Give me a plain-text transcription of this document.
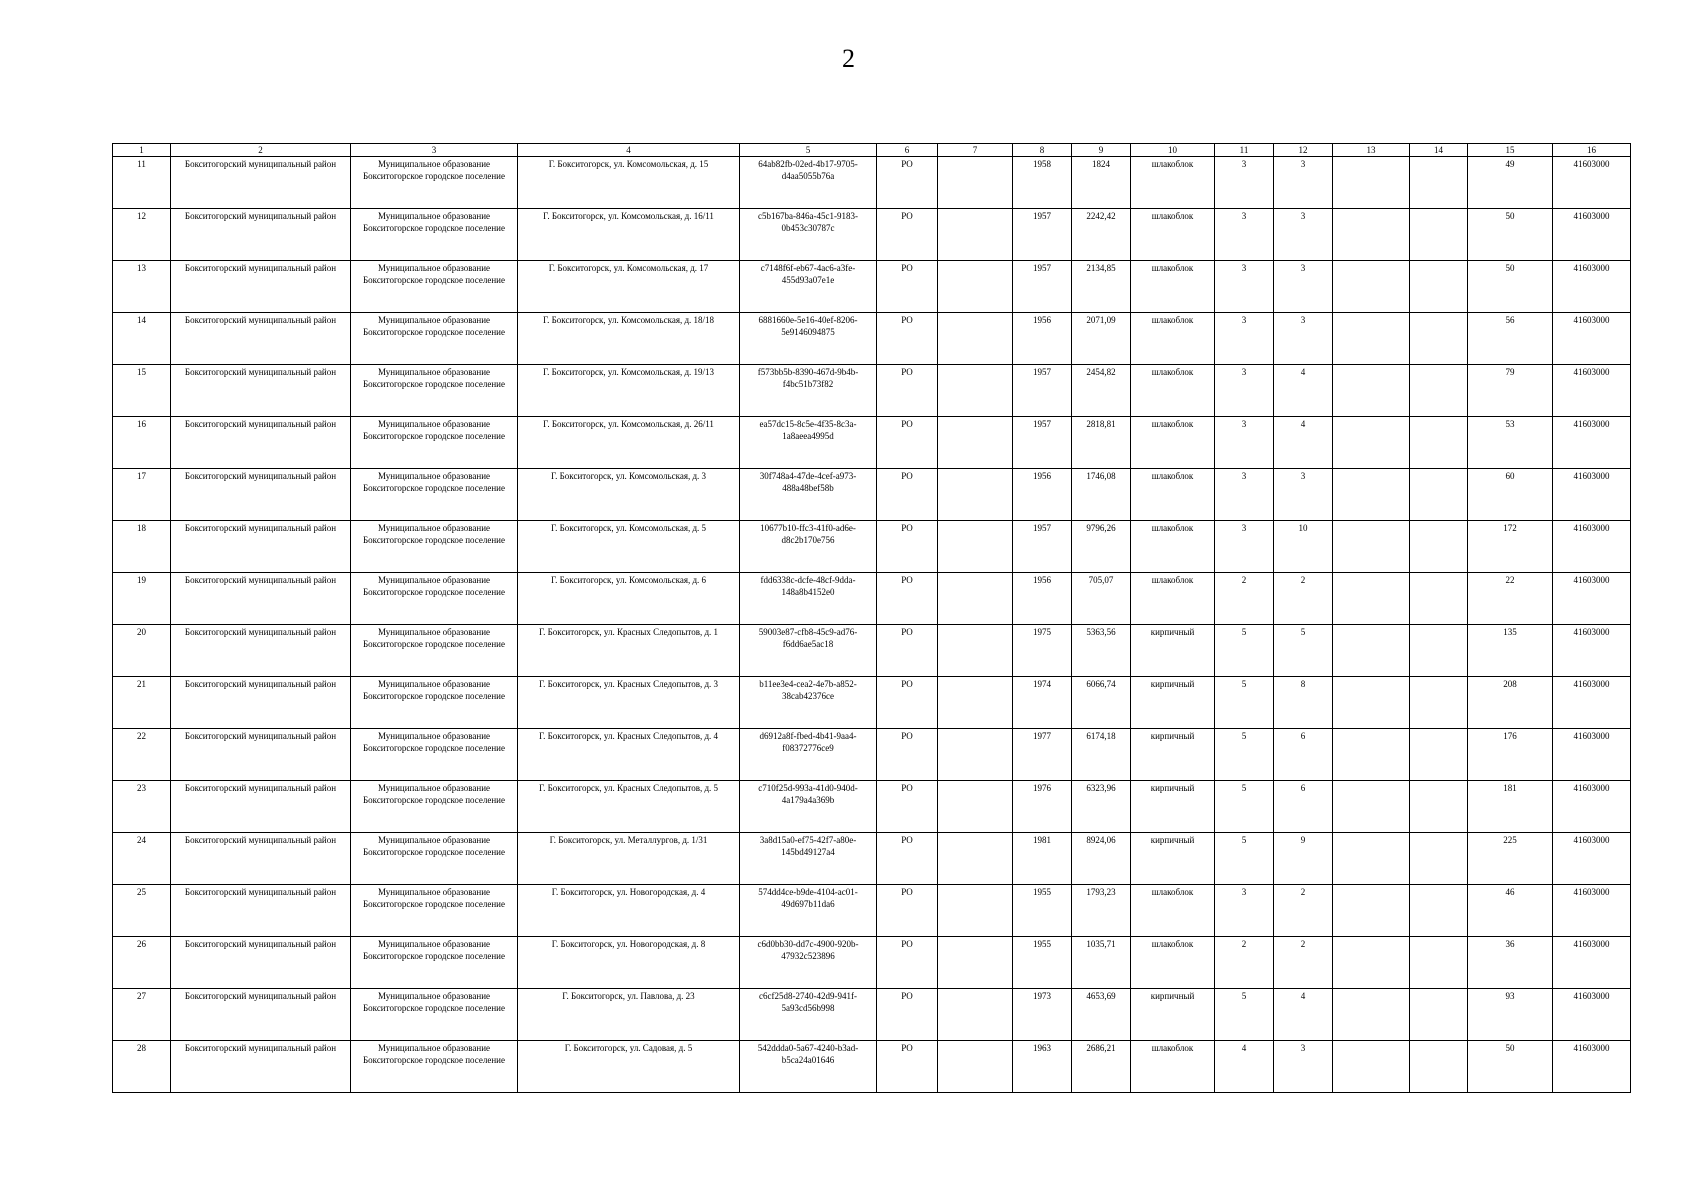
2
1	2	3	4	5	6	7	8	9	10	11	12	13	14	15	16
11	Бокситогорский муниципальный район	Муниципальное образование Бокситогорское городское поселение	Г. Бокситогорск, ул. Комсомольская, д. 15	64ab82fb-02ed-4b17-9705-d4aa5055b76a	РО		1958	1824	шлакоблок	3	3			49	41603000
12	Бокситогорский муниципальный район	Муниципальное образование Бокситогорское городское поселение	Г. Бокситогорск, ул. Комсомольская, д. 16/11	c5b167ba-846a-45c1-9183-0b453c30787c	РО		1957	2242,42	шлакоблок	3	3			50	41603000
13	Бокситогорский муниципальный район	Муниципальное образование Бокситогорское городское поселение	Г. Бокситогорск, ул. Комсомольская, д. 17	c7148f6f-eb67-4ac6-a3fe-455d93a07e1e	РО		1957	2134,85	шлакоблок	3	3			50	41603000
14	Бокситогорский муниципальный район	Муниципальное образование Бокситогорское городское поселение	Г. Бокситогорск, ул. Комсомольская, д. 18/18	6881660e-5e16-40ef-8206-5e9146094875	РО		1956	2071,09	шлакоблок	3	3			56	41603000
15	Бокситогорский муниципальный район	Муниципальное образование Бокситогорское городское поселение	Г. Бокситогорск, ул. Комсомольская, д. 19/13	f573bb5b-8390-467d-9b4b-f4bc51b73f82	РО		1957	2454,82	шлакоблок	3	4			79	41603000
16	Бокситогорский муниципальный район	Муниципальное образование Бокситогорское городское поселение	Г. Бокситогорск, ул. Комсомольская, д. 26/11	ea57dc15-8c5e-4f35-8c3a-1a8aeea4995d	РО		1957	2818,81	шлакоблок	3	4			53	41603000
17	Бокситогорский муниципальный район	Муниципальное образование Бокситогорское городское поселение	Г. Бокситогорск, ул. Комсомольская, д. 3	30f748a4-47de-4cef-a973-488a48bef58b	РО		1956	1746,08	шлакоблок	3	3			60	41603000
18	Бокситогорский муниципальный район	Муниципальное образование Бокситогорское городское поселение	Г. Бокситогорск, ул. Комсомольская, д. 5	10677b10-ffc3-41f0-ad6e-d8c2b170e756	РО		1957	9796,26	шлакоблок	3	10			172	41603000
19	Бокситогорский муниципальный район	Муниципальное образование Бокситогорское городское поселение	Г. Бокситогорск, ул. Комсомольская, д. 6	fdd6338c-dcfe-48cf-9dda-148a8b4152e0	РО		1956	705,07	шлакоблок	2	2			22	41603000
20	Бокситогорский муниципальный район	Муниципальное образование Бокситогорское городское поселение	Г. Бокситогорск, ул. Красных Следопытов, д. 1	59003e87-cfb8-45c9-ad76-f6dd6ae5ac18	РО		1975	5363,56	кирпичный	5	5			135	41603000
21	Бокситогорский муниципальный район	Муниципальное образование Бокситогорское городское поселение	Г. Бокситогорск, ул. Красных Следопытов, д. 3	b11ee3e4-cea2-4e7b-a852-38cab42376ce	РО		1974	6066,74	кирпичный	5	8			208	41603000
22	Бокситогорский муниципальный район	Муниципальное образование Бокситогорское городское поселение	Г. Бокситогорск, ул. Красных Следопытов, д. 4	d6912a8f-fbed-4b41-9aa4-f08372776ce9	РО		1977	6174,18	кирпичный	5	6			176	41603000
23	Бокситогорский муниципальный район	Муниципальное образование Бокситогорское городское поселение	Г. Бокситогорск, ул. Красных Следопытов, д. 5	c710f25d-993a-41d0-940d-4a179a4a369b	РО		1976	6323,96	кирпичный	5	6			181	41603000
24	Бокситогорский муниципальный район	Муниципальное образование Бокситогорское городское поселение	Г. Бокситогорск, ул. Металлургов, д. 1/31	3a8d15a0-ef75-42f7-a80e-145bd49127a4	РО		1981	8924,06	кирпичный	5	9			225	41603000
25	Бокситогорский муниципальный район	Муниципальное образование Бокситогорское городское поселение	Г. Бокситогорск, ул. Новогородская, д. 4	574dd4ce-b9de-4104-ac01-49d697b11da6	РО		1955	1793,23	шлакоблок	3	2			46	41603000
26	Бокситогорский муниципальный район	Муниципальное образование Бокситогорское городское поселение	Г. Бокситогорск, ул. Новогородская, д. 8	c6d0bb30-dd7c-4900-920b-47932c523896	РО		1955	1035,71	шлакоблок	2	2			36	41603000
27	Бокситогорский муниципальный район	Муниципальное образование Бокситогорское городское поселение	Г. Бокситогорск, ул. Павлова, д. 23	c6cf25d8-2740-42d9-941f-5a93cd56b998	РО		1973	4653,69	кирпичный	5	4			93	41603000
28	Бокситогорский муниципальный район	Муниципальное образование Бокситогорское городское поселение	Г. Бокситогорск, ул. Садовая, д. 5	542ddda0-5a67-4240-b3ad-b5ca24a01646	РО		1963	2686,21	шлакоблок	4	3			50	41603000
